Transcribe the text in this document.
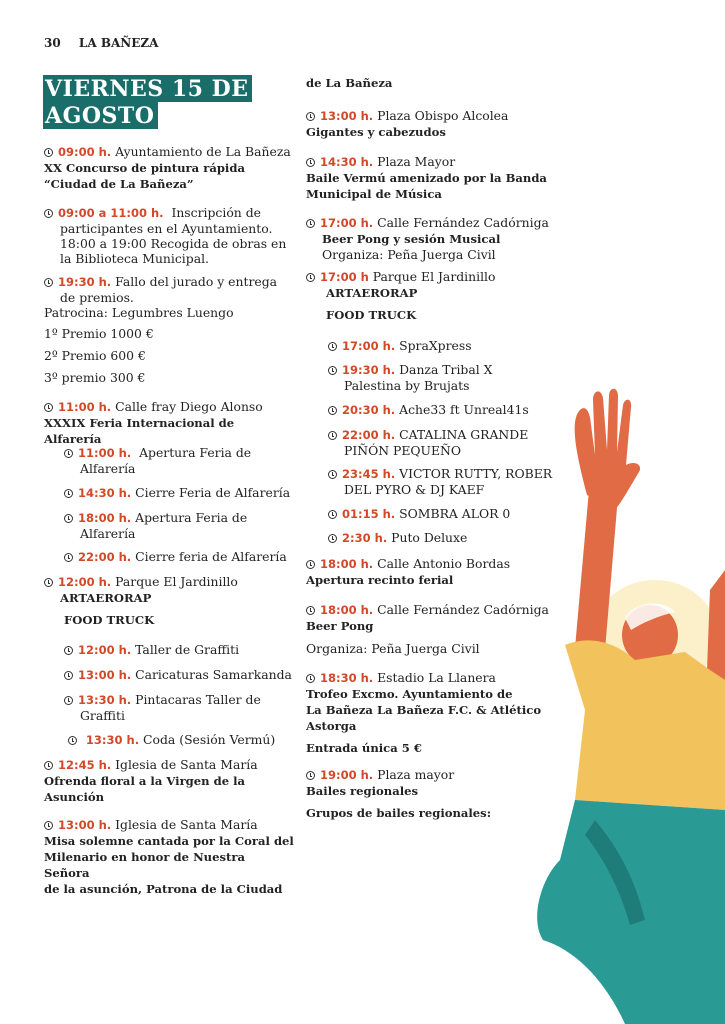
30 LA BAÑEZA
VIERNES 15 DE
AGOSTO
09:00 h. Ayuntamiento de La Bañeza
XX Concurso de pintura rápida
“Ciudad de La Bañeza”
09:00 a 11:00 h. Inscripción de
participantes en el Ayuntamiento.
18:00 a 19:00 Recogida de obras en
la Biblioteca Municipal.
19:30 h. Fallo del jurado y entrega
de premios.
Patrocina: Legumbres Luengo
1º Premio 1000 €
2º Premio 600 €
3º premio 300 €
11:00 h. Calle fray Diego Alonso
XXXIX Feria Internacional de Alfarería
11:00 h. Apertura Feria de
Alfarería
14:30 h. Cierre Feria de Alfarería
18:00 h. Apertura Feria de
Alfarería
22:00 h. Cierre feria de Alfarería
12:00 h. Parque El Jardinillo
ARTAERORAP
FOOD TRUCK
12:00 h. Taller de Graffiti
13:00 h. Caricaturas Samarkanda
13:30 h. Pintacaras Taller de
Graffiti
13:30 h. Coda (Sesión Vermú)
12:45 h. Iglesia de Santa María
Ofrenda floral a la Virgen de la
Asunción
13:00 h. Iglesia de Santa María
Misa solemne cantada por la Coral del
Milenario en honor de Nuestra Señora
de la asunción, Patrona de la Ciudad
de La Bañeza
13:00 h. Plaza Obispo Alcolea
Gigantes y cabezudos
14:30 h. Plaza Mayor
Baile Vermú amenizado por la Banda
Municipal de Música
17:00 h. Calle Fernández Cadórniga
Beer Pong y sesión Musical
Organiza: Peña Juerga Civil
17:00 h Parque El Jardinillo
ARTAERORAP
FOOD TRUCK
17:00 h. SpraXpress
19:30 h. Danza Tribal X
Palestina by Brujats
20:30 h. Ache33 ft Unreal41s
22:00 h. CATALINA GRANDE
PIÑÓN PEQUEÑO
23:45 h. VICTOR RUTTY, ROBER
DEL PYRO & DJ KAEF
01:15 h. SOMBRA ALOR 0
2:30 h. Puto Deluxe
18:00 h. Calle Antonio Bordas
Apertura recinto ferial
18:00 h. Calle Fernández Cadórniga
Beer Pong
Organiza: Peña Juerga Civil
18:30 h. Estadio La Llanera
Trofeo Excmo. Ayuntamiento de
La Bañeza La Bañeza F.C. & Atlético
Astorga
Entrada única 5 €
19:00 h. Plaza mayor
Bailes regionales
Grupos de bailes regionales:
